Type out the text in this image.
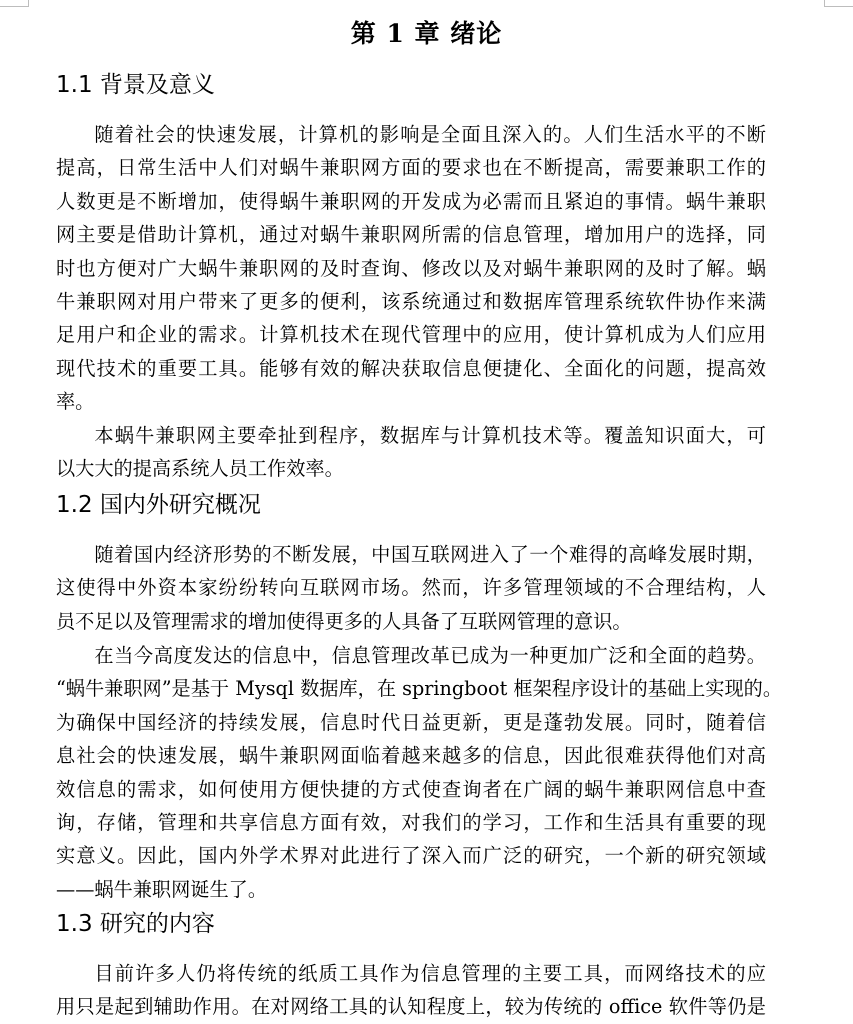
第 1 章 绪论
1.1 背景及意义

随着社会的快速发展，计算机的影响是全面且深入的。人们生活水平的不断
提高，日常生活中人们对蜗牛兼职网方面的要求也在不断提高，需要兼职工作的
人数更是不断增加，使得蜗牛兼职网的开发成为必需而且紧迫的事情。蜗牛兼职
网主要是借助计算机，通过对蜗牛兼职网所需的信息管理，增加用户的选择，同
时也方便对广大蜗牛兼职网的及时查询、修改以及对蜗牛兼职网的及时了解。蜗
牛兼职网对用户带来了更多的便利，该系统通过和数据库管理系统软件协作来满
足用户和企业的需求。计算机技术在现代管理中的应用，使计算机成为人们应用
现代技术的重要工具。能够有效的解决获取信息便捷化、全面化的问题，提高效
率。

本蜗牛兼职网主要牵扯到程序，数据库与计算机技术等。覆盖知识面大，可
以大大的提高系统人员工作效率。

1.2 国内外研究概况

随着国内经济形势的不断发展，中国互联网进入了一个难得的高峰发展时期，
这使得中外资本家纷纷转向互联网市场。然而，许多管理领域的不合理结构，人
员不足以及管理需求的增加使得更多的人具备了互联网管理的意识。

在当今高度发达的信息中，信息管理改革已成为一种更加广泛和全面的趋势。
“蜗牛兼职网”是基于 Mysql 数据库，在 springboot 框架程序设计的基础上实现的。
为确保中国经济的持续发展，信息时代日益更新，更是蓬勃发展。同时，随着信
息社会的快速发展，蜗牛兼职网面临着越来越多的信息，因此很难获得他们对高
效信息的需求，如何使用方便快捷的方式使查询者在广阔的蜗牛兼职网信息中查
询，存储，管理和共享信息方面有效，对我们的学习，工作和生活具有重要的现
实意义。因此，国内外学术界对此进行了深入而广泛的研究，一个新的研究领域
——蜗牛兼职网诞生了。

1.3 研究的内容

目前许多人仍将传统的纸质工具作为信息管理的主要工具，而网络技术的应
用只是起到辅助作用。在对网络工具的认知程度上，较为传统的 office 软件等仍是
